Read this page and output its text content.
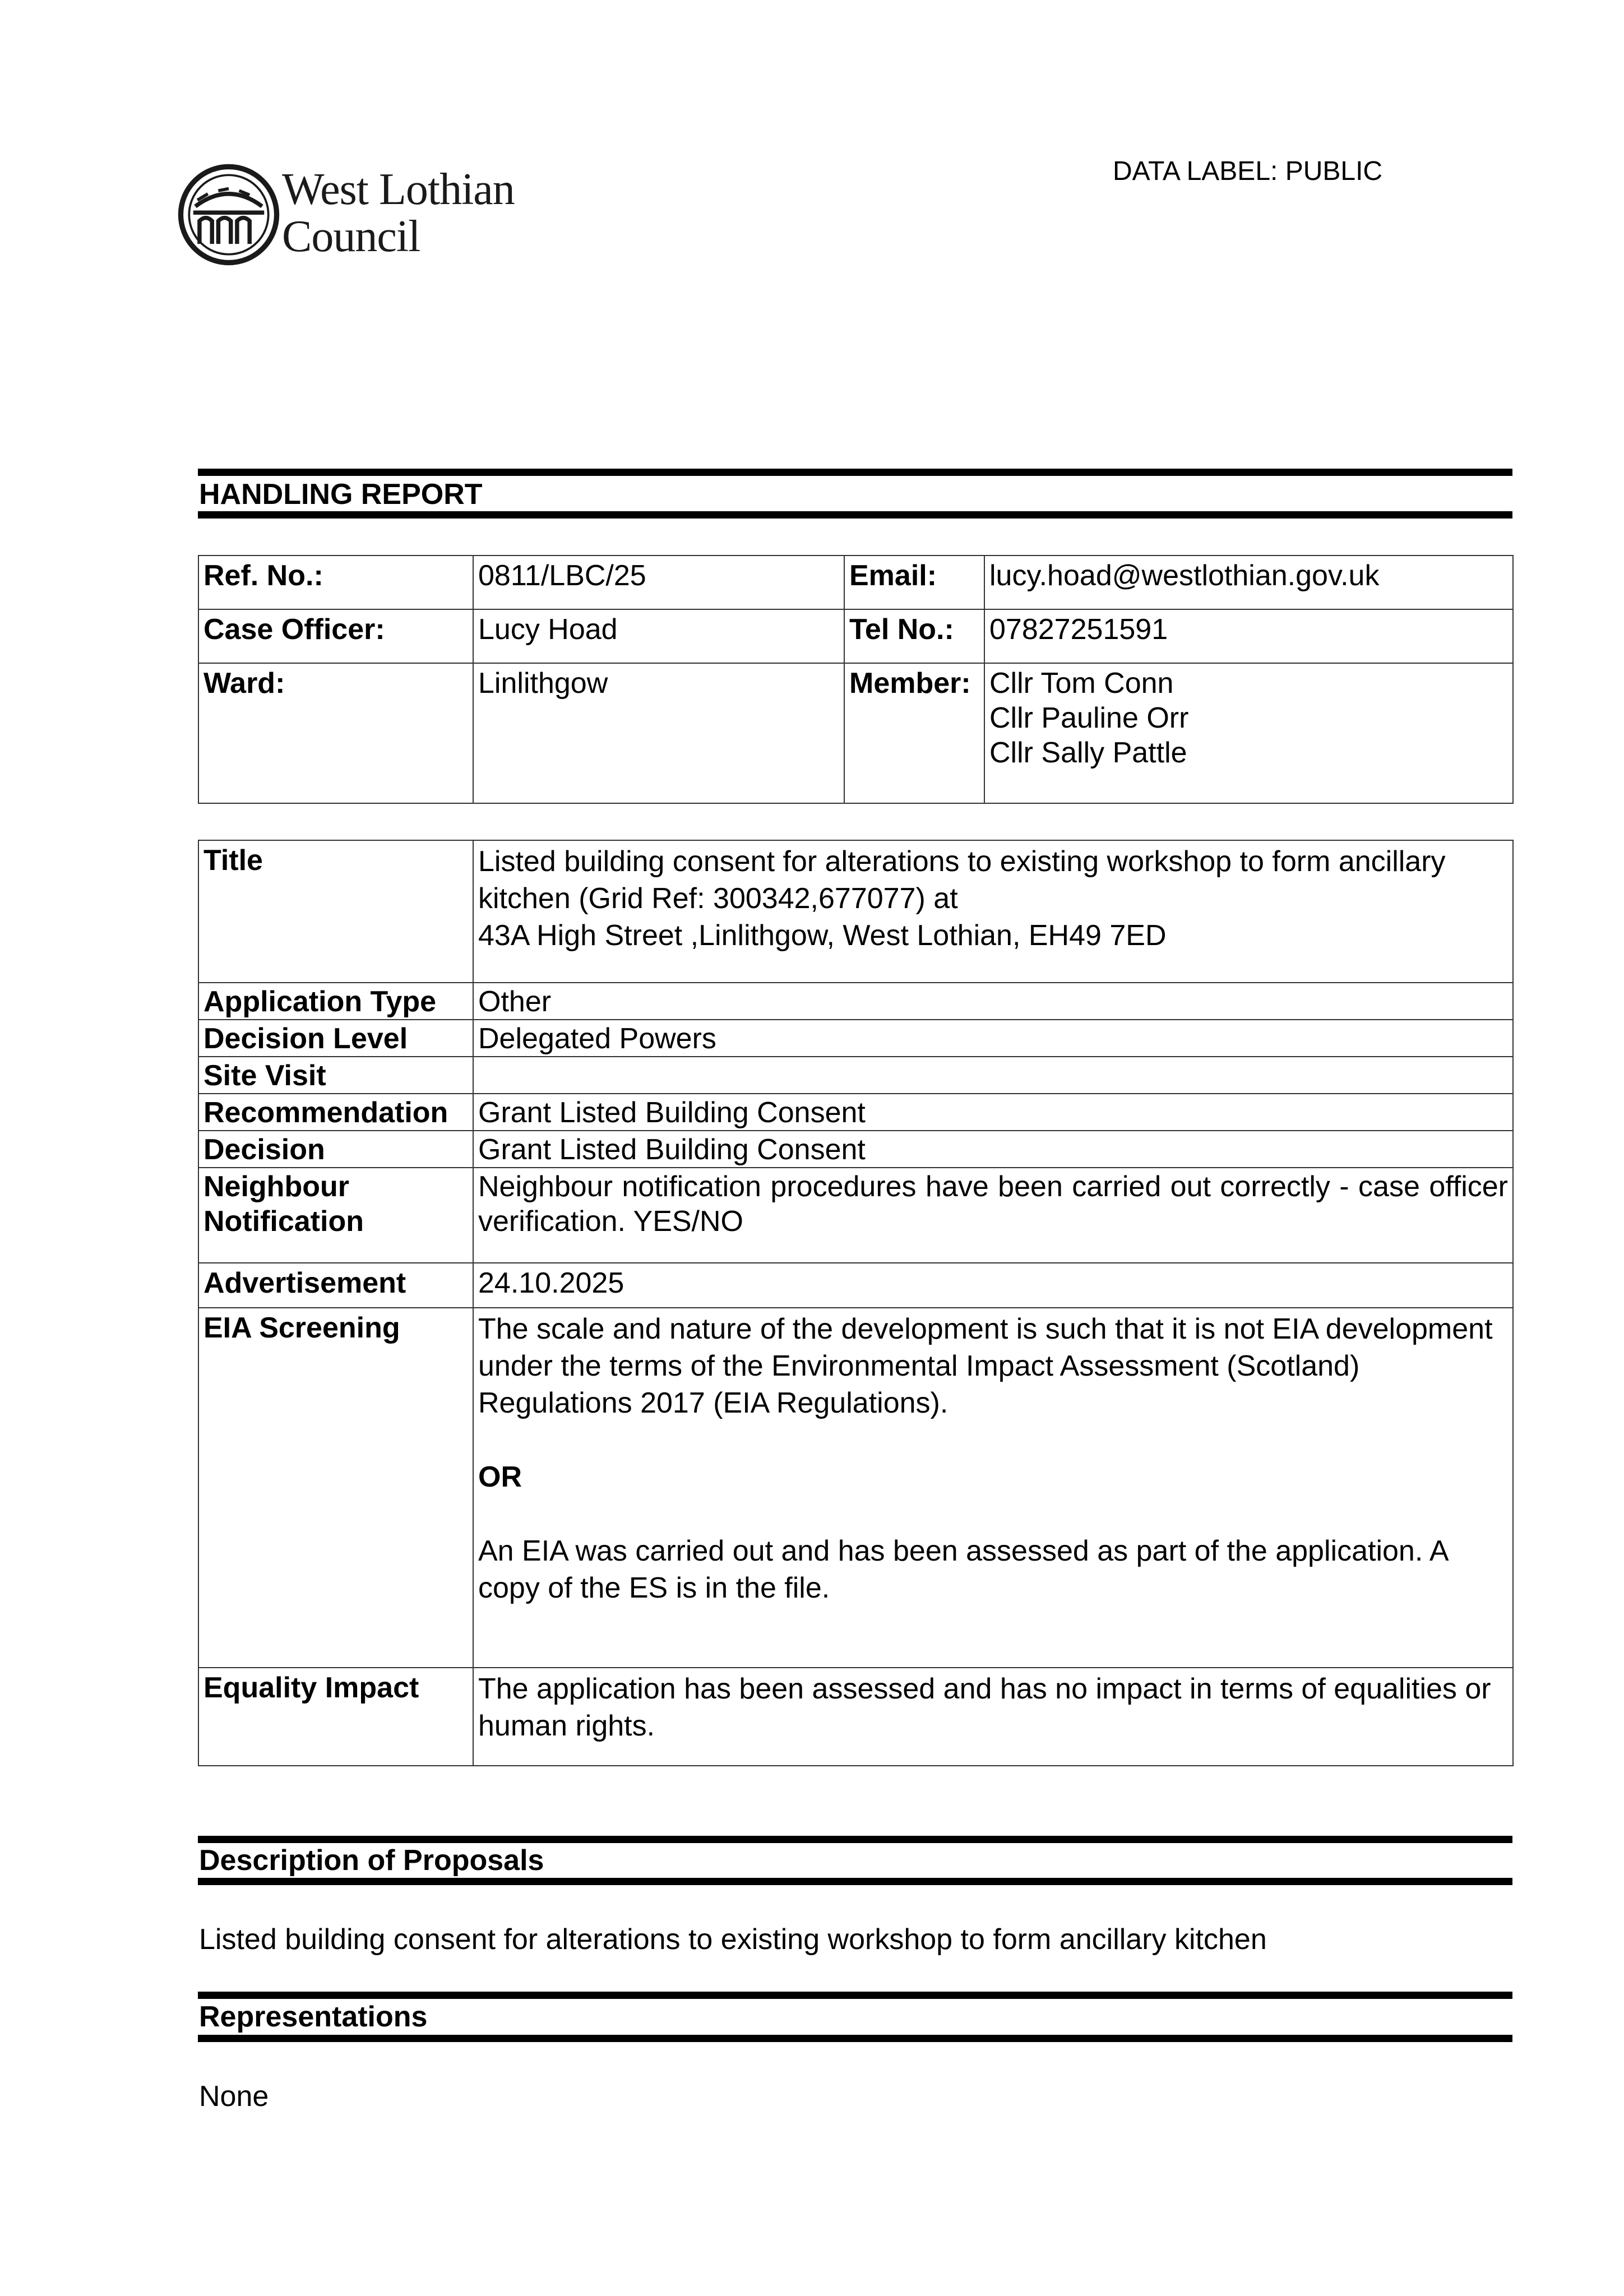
West Lothian
Council
DATA LABEL: PUBLIC
HANDLING REPORT
Ref. No.:	0811/LBC/25	Email:	lucy.hoad@westlothian.gov.uk
Case Officer:	Lucy Hoad	Tel No.:	07827251591
Ward:	Linlithgow	Member:	Cllr Tom Conn
Cllr Pauline Orr
Cllr Sally Pattle
Title	Listed building consent for alterations to existing workshop to form ancillary kitchen (Grid Ref: 300342,677077) at
43A High Street ,Linlithgow, West Lothian, EH49 7ED

Application Type	Other
Decision Level	Delegated Powers
Site Visit	
Recommendation	Grant Listed Building Consent
Decision	Grant Listed Building Consent

Neighbour
Notification	Neighbour notification procedures have been carried out correctly - case officer verification. YES/NO
Advertisement	24.10.2025
EIA Screening	The scale and nature of the development is such that it is not EIA development under the terms of the Environmental Impact Assessment (Scotland) Regulations 2017 (EIA Regulations).
OR
An EIA was carried out and has been assessed as part of the application. A copy of the ES is in the file.

Equality Impact	The application has been assessed and has no impact in terms of equalities or human rights.
Description of Proposals
Listed building consent for alterations to existing workshop to form ancillary kitchen
Representations
None
